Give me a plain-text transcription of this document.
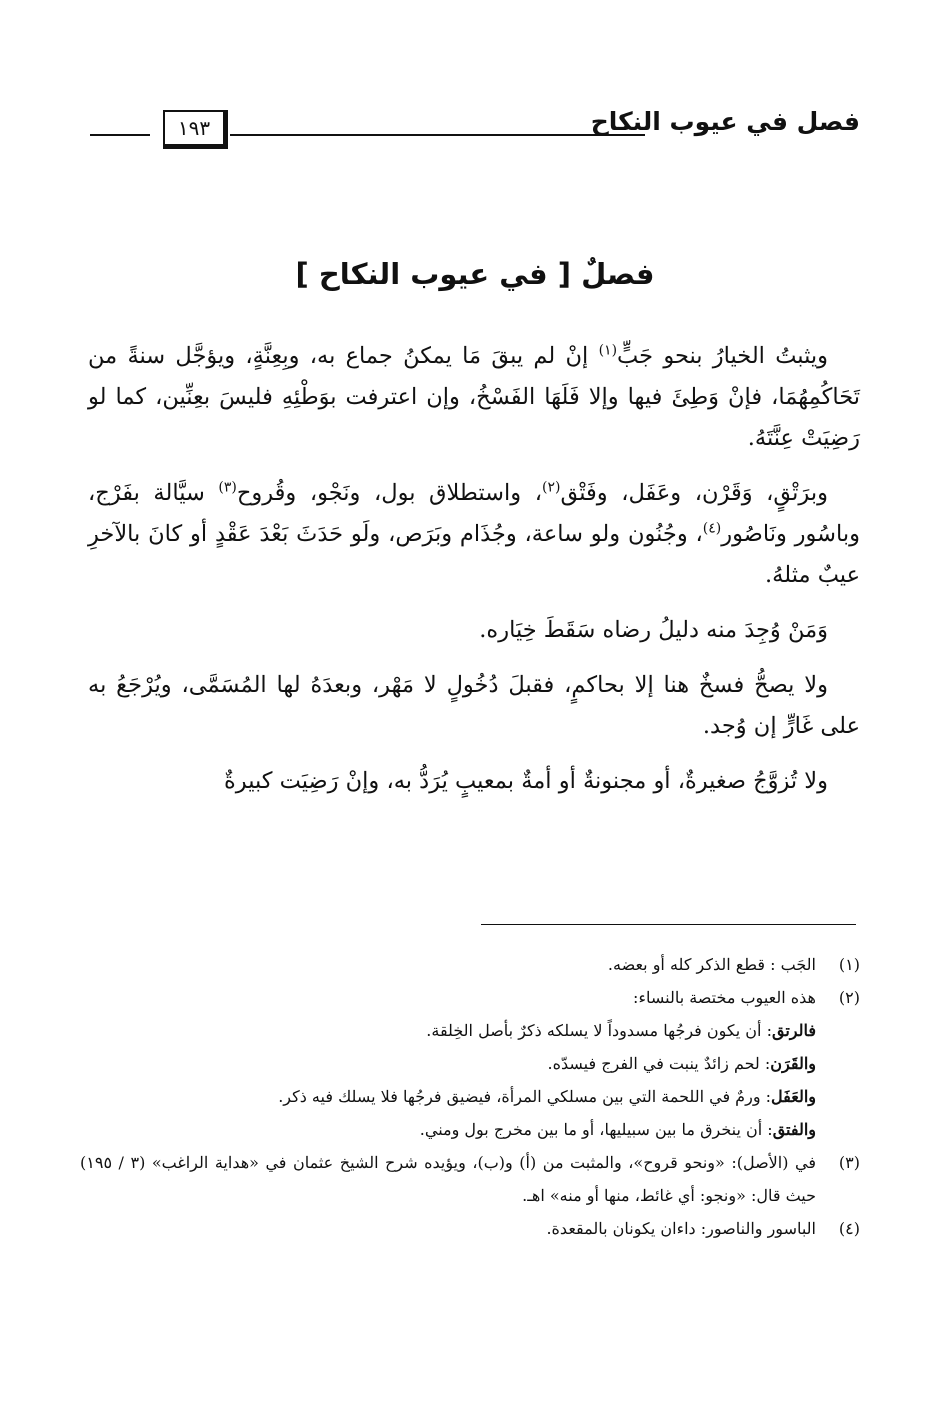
فصل في عيوب النكاح
١٩٣
فصلٌ [ في عيوب النكاح ]

ويثبتُ الخيارُ بنحو جَبٍّ$^{(١)}$ إنْ لم يبقَ مَا يمكنُ جماع به، وبِعِنَّةٍ، ويؤجَّل سنةً من تَحَاكُمِهُمَا، فإنْ وَطِئَ فيها وإلا فَلَهَا الفَسْخُ، وإن اعترفت بوَطْئِهِ فليسَ بعِنِّين، كما لو رَضِيَتْ عِنَّتَهُ.

وبرَتْقٍ، وَقَرْن، وعَفَل، وفَتْق$^{(٢)}$، واستطلاق بول، ونَجْو، وقُروح$^{(٣)}$ سيَّالة بفَرْج، وباسُور ونَاصُور$^{(٤)}$، وجُنُون ولو ساعة، وجُذَام وبَرَص، ولَو حَدَثَ بَعْدَ عَقْدٍ أو كانَ بالآخرِ عيبٌ مثلهُ.

وَمَنْ وُجِدَ منه دليلُ رضاه سَقَطَ خِيَاره.

ولا يصحُّ فسخٌ هنا إلا بحاكمٍ، فقبلَ دُخُولٍ لا مَهْر، وبعدَهُ لها المُسَمَّى، ويُرْجَعُ به على غَارٍّ إن وُجد.

ولا تُزوَّجُ صغيرةٌ، أو مجنونةٌ أو أمةٌ بمعيبٍ يُرَدُّ به، وإنْ رَضِيَت كبيرةٌ

(١)
الجَب : قطع الذكر كله أو بعضه.

(٢)
هذه العيوب مختصة بالنساء:

فالرتق: أن يكون فرجُها مسدوداً لا يسلكه ذكرٌ بأصل الخِلقة.

والقَرَن: لحم زائدٌ ينبت في الفرج فيسدّه.

والعَفَل: ورمٌ في اللحمة التي بين مسلكي المرأة، فيضيق فرجُها فلا يسلك فيه ذكر.

والفتق: أن ينخرق ما بين سبيليها، أو ما بين مخرج بول ومني.

(٣)
في (الأصل): «ونحو قروح»، والمثبت من (أ) و(ب)، ويؤيده شرح الشيخ عثمان في «هداية الراغب» (٣ / ١٩٥) حيث قال: «ونجو: أي غائط، منها أو منه» اهـ.

(٤)
الباسور والناصور: داءان يكونان بالمقعدة.
